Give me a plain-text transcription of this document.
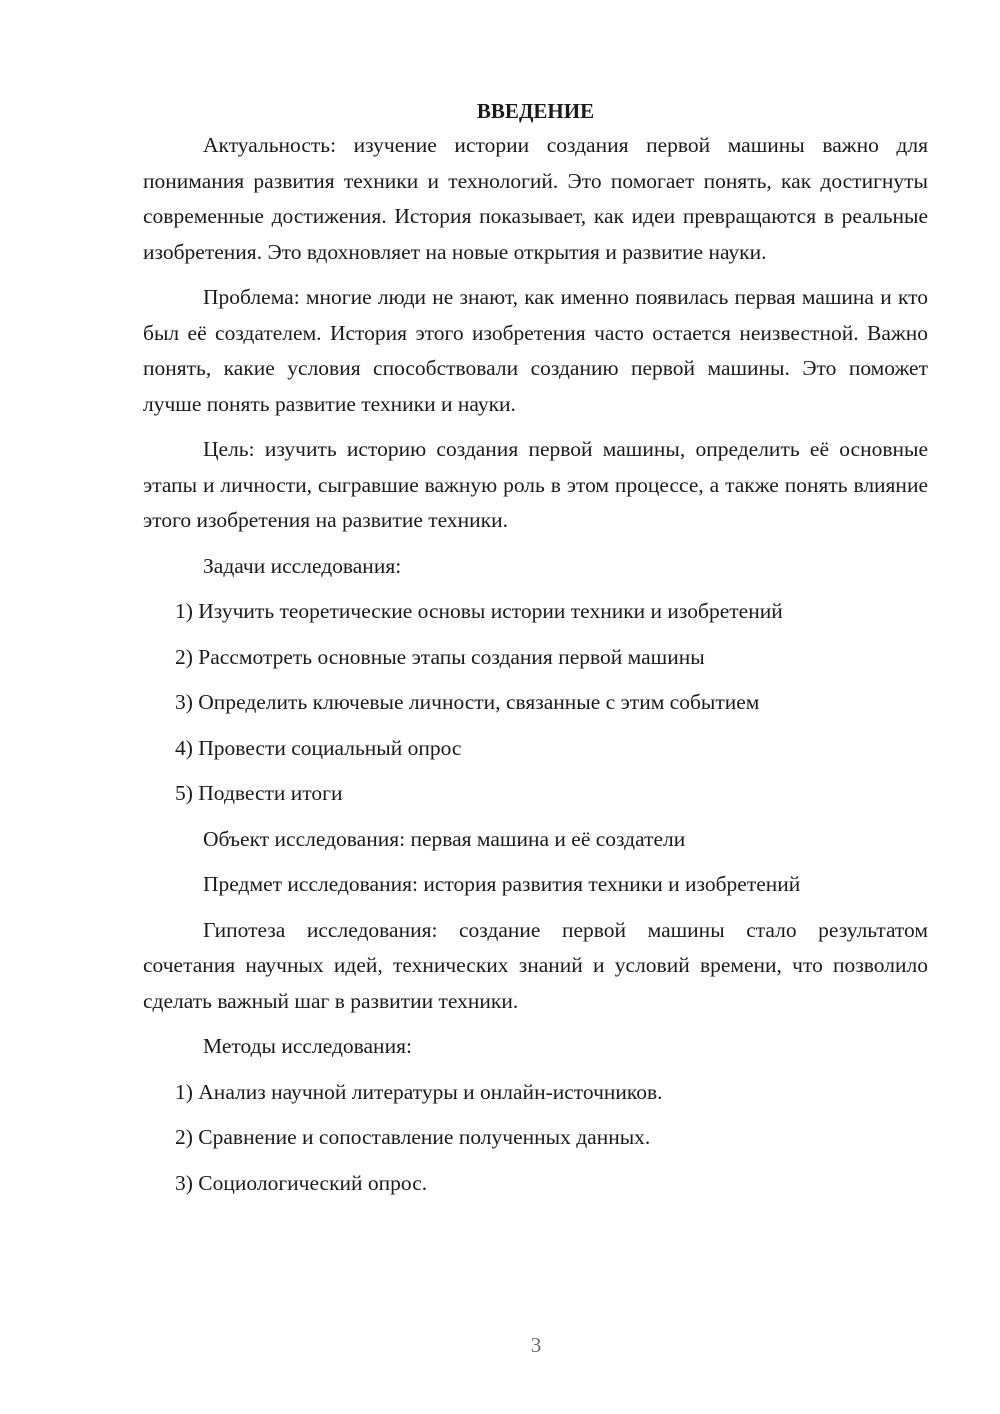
ВВЕДЕНИЕ

Актуальность: изучение истории создания первой машины важно для понимания развития техники и технологий. Это помогает понять, как достигнуты современные достижения. История показывает, как идеи превращаются в реальные изобретения. Это вдохновляет на новые открытия и развитие науки.

Проблема: многие люди не знают, как именно появилась первая машина и кто был её создателем. История этого изобретения часто остается неизвестной. Важно понять, какие условия способствовали созданию первой машины. Это поможет лучше понять развитие техники и науки.

Цель: изучить историю создания первой машины, определить её основные этапы и личности, сыгравшие важную роль в этом процессе, а также понять влияние этого изобретения на развитие техники.

Задачи исследования:

1) Изучить теоретические основы истории техники и изобретений

2) Рассмотреть основные этапы создания первой машины

3) Определить ключевые личности, связанные с этим событием

4) Провести социальный опрос

5) Подвести итоги

Объект исследования: первая машина и её создатели

Предмет исследования: история развития техники и изобретений

Гипотеза исследования: создание первой машины стало результатом сочетания научных идей, технических знаний и условий времени, что позволило сделать важный шаг в развитии техники.

Методы исследования:

1) Анализ научной литературы и онлайн-источников.

2) Сравнение и сопоставление полученных данных.

3) Социологический опрос.

3
